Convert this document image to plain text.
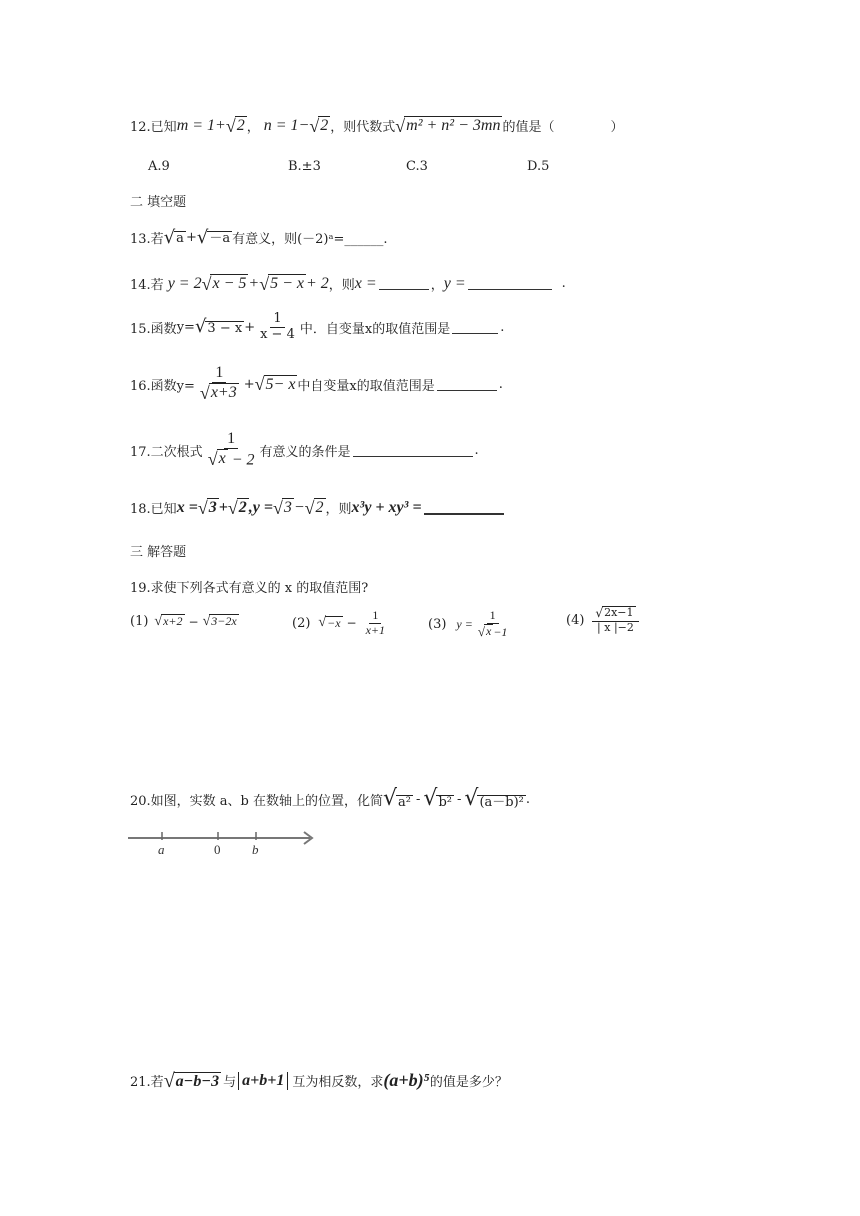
12.已知 m = 1+ √ 2 ， n = 1− √ 2 ，则代数式 √ m² + n² − 3mn 的值是（	）
A.9	B.±3	C.3	D.5
二 填空题
13.若 √ a + √ －a 有意义，则(－2)ᵃ=______.
14.若 y = 2 √ x − 5 + √ 5 − x + 2 ，则 x =	， y =	.
15.函数 y= √ $3 - x + \frac{1}{x - 4}$ 中．自变量x的取值范围是	.
16.函数$y= \frac{1}{√ x+3}$ + √ 5− x 中自变量x的取值范围是	.
17.二次根式 $\frac{1}{√ x - 2}$ 有意义的条件是	.
18.已知 x = √ 3 + √ 2 , y = √ 3 − √ 2 ，则 x³y + xy³ =
三 解答题
19.求使下列各式有意义的 x 的取值范围?
(1) √ x+2 − √ 3−2x	(2) √ $-x - \frac{1}{x+1}$	(3) $y = \frac{1}{√ x -1}$	$(4) \frac{√ 2x-1}{| x |-2}$
20.如图，实数 a、b 在数轴上的位置，化简 √ a² - √ b² - √ (a－b)² .
a	0 b
21.若 √ a−b−3 与 a+b+1 互为相反数，求 (a+b)⁵ 的值是多少？
